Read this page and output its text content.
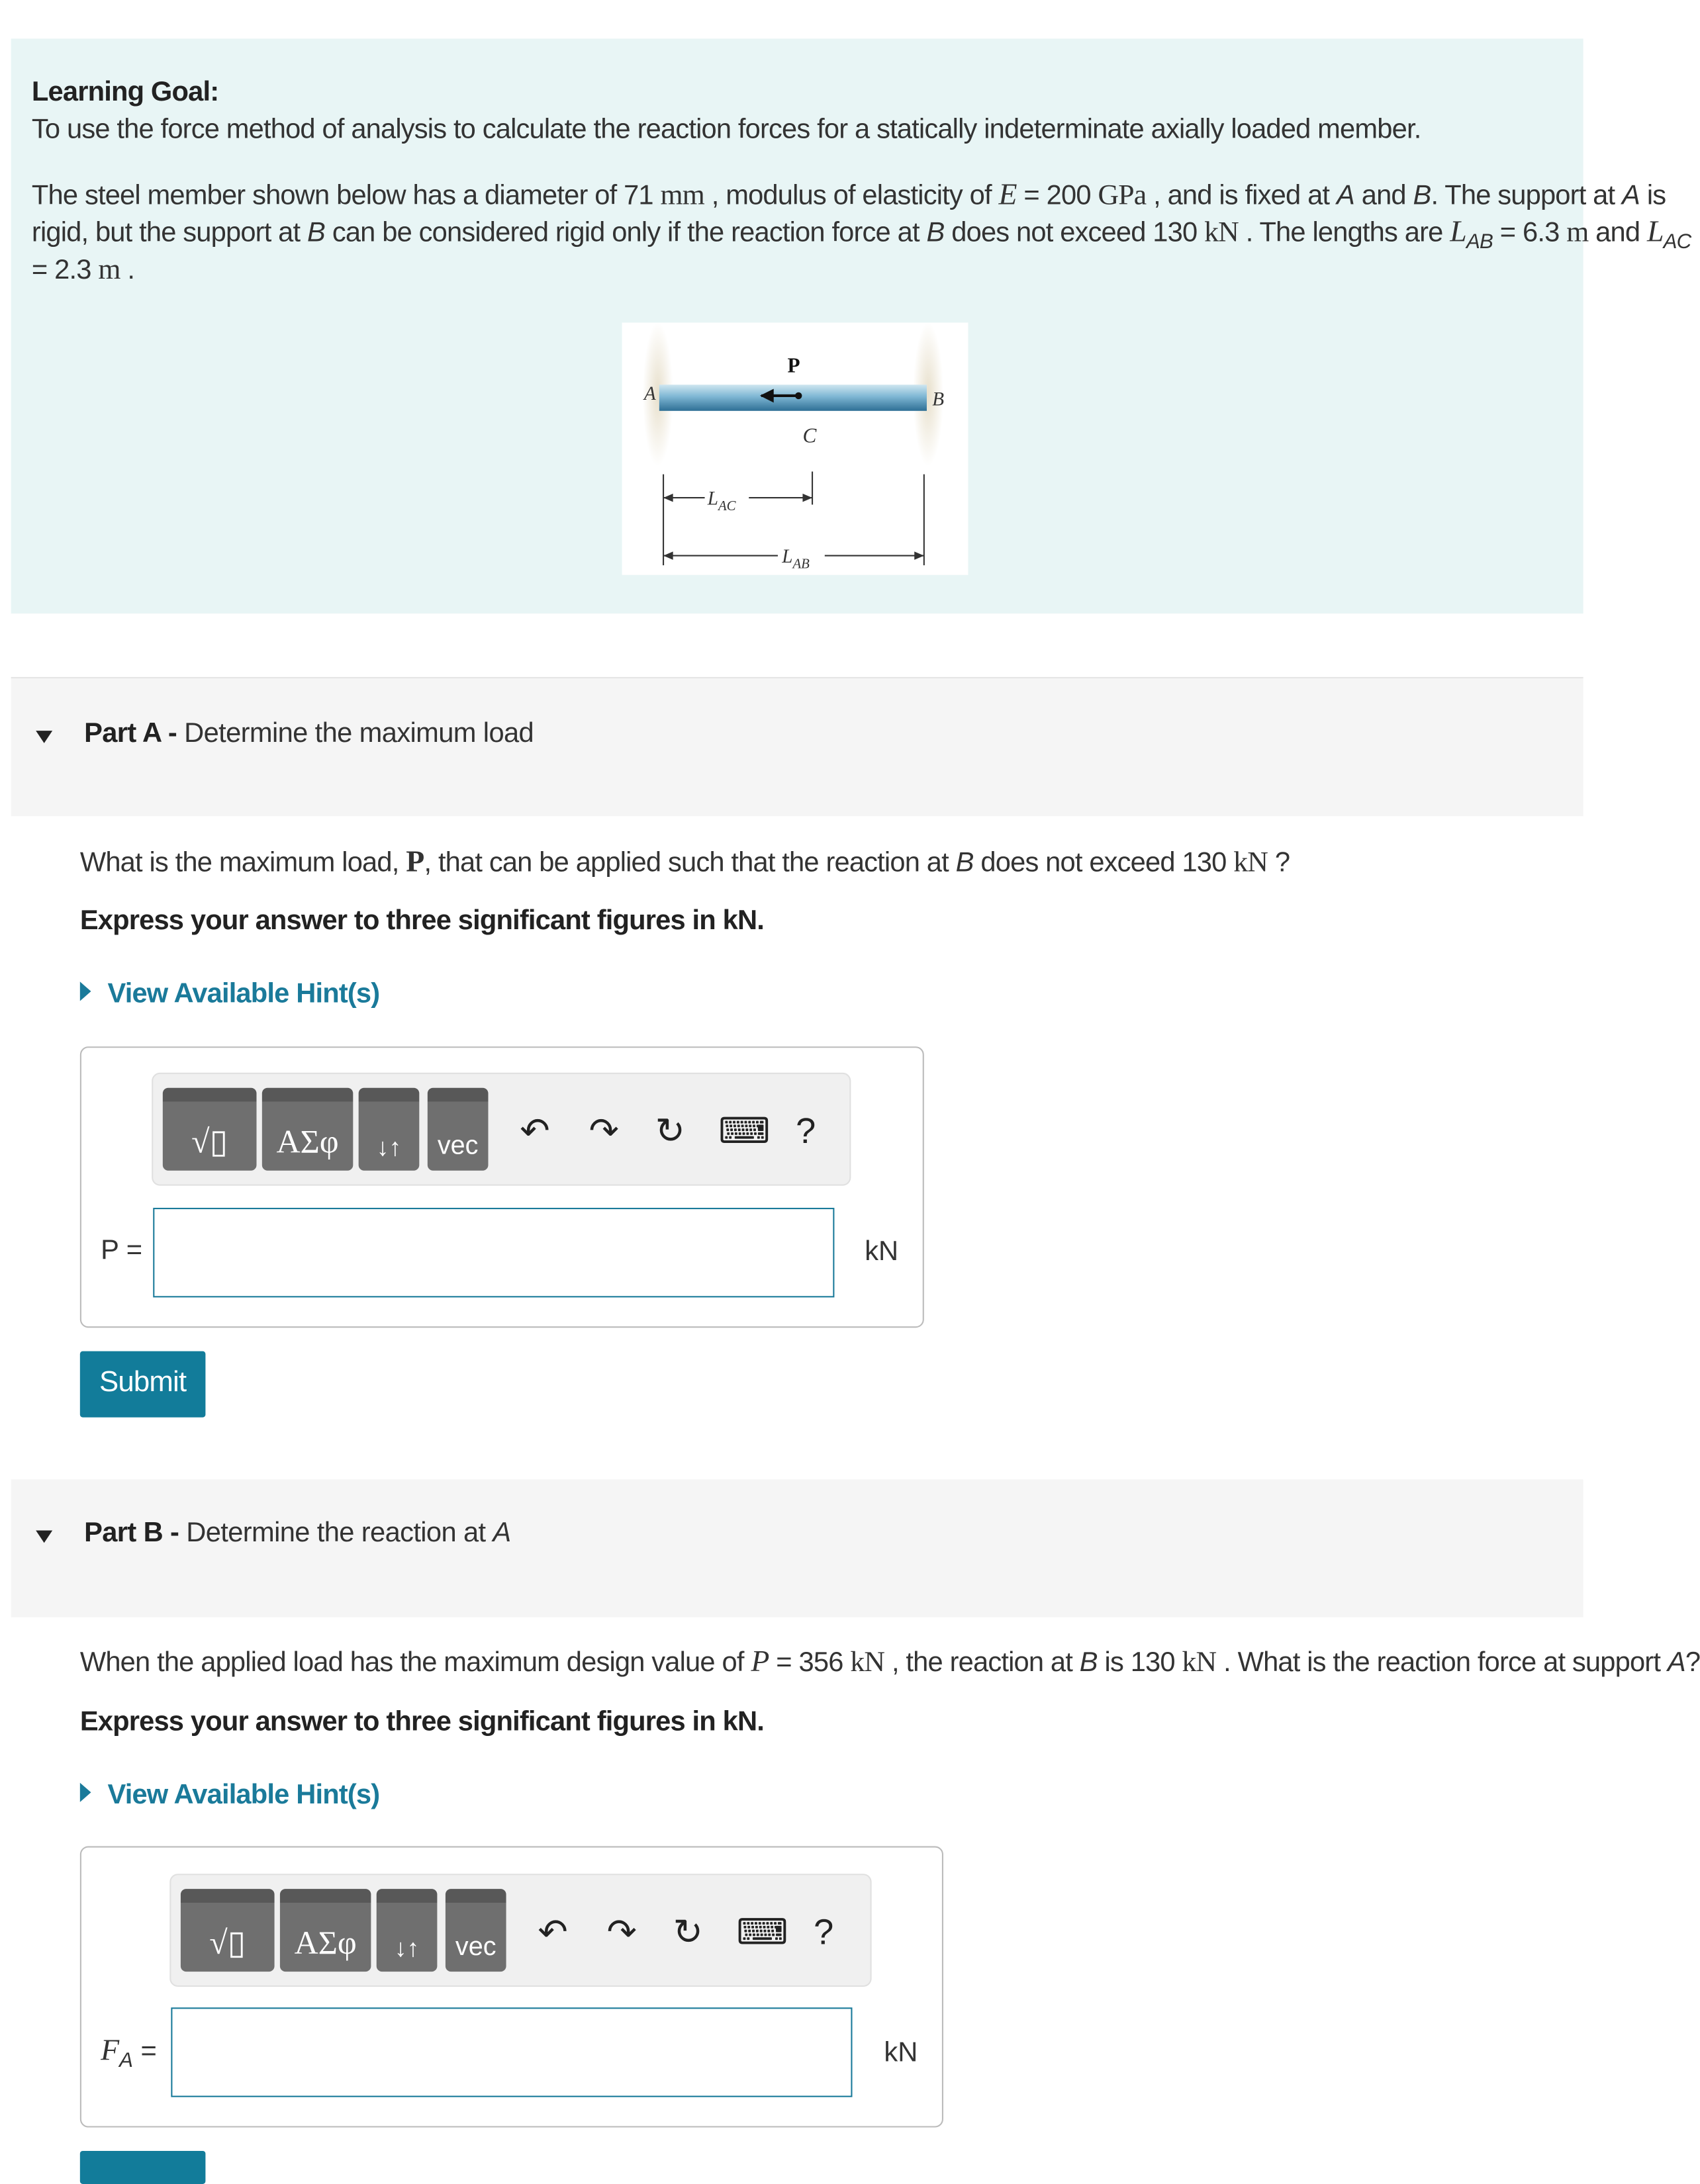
Learning Goal:
To use the force method of analysis to calculate the reaction forces for a statically indeterminate axially loaded member.
The steel member shown below has a diameter of 71 mm , modulus of elasticity of E = 200 GPa , and is fixed at A and B. The support at A is
rigid, but the support at B can be considered rigid only if the reaction force at B does not exceed 130 kN . The lengths are $L_{AB} = 6.3$ m and $L_{AC}$
= 2.3 m .
A	B
P
C
$L_{AC}$
$L_{AB}$
Part A - Determine the maximum load
What is the maximum load, P, that can be applied such that the reaction at B does not exceed 130 kN ?
Express your answer to three significant figures in kN.
View Available Hint(s)
√▯	ΑΣφ	↓↑	vec	↶ ↷ ↻ ⌨ ?
P =	kN
Submit
Part B - Determine the reaction at A
When the applied load has the maximum design value of P = 356 kN , the reaction at B is 130 kN . What is the reaction force at support A?
Express your answer to three significant figures in kN.
View Available Hint(s)
√▯	ΑΣφ	↓↑	vec	↶ ↷ ↻ ⌨ ?
$F_A$ =	kN
